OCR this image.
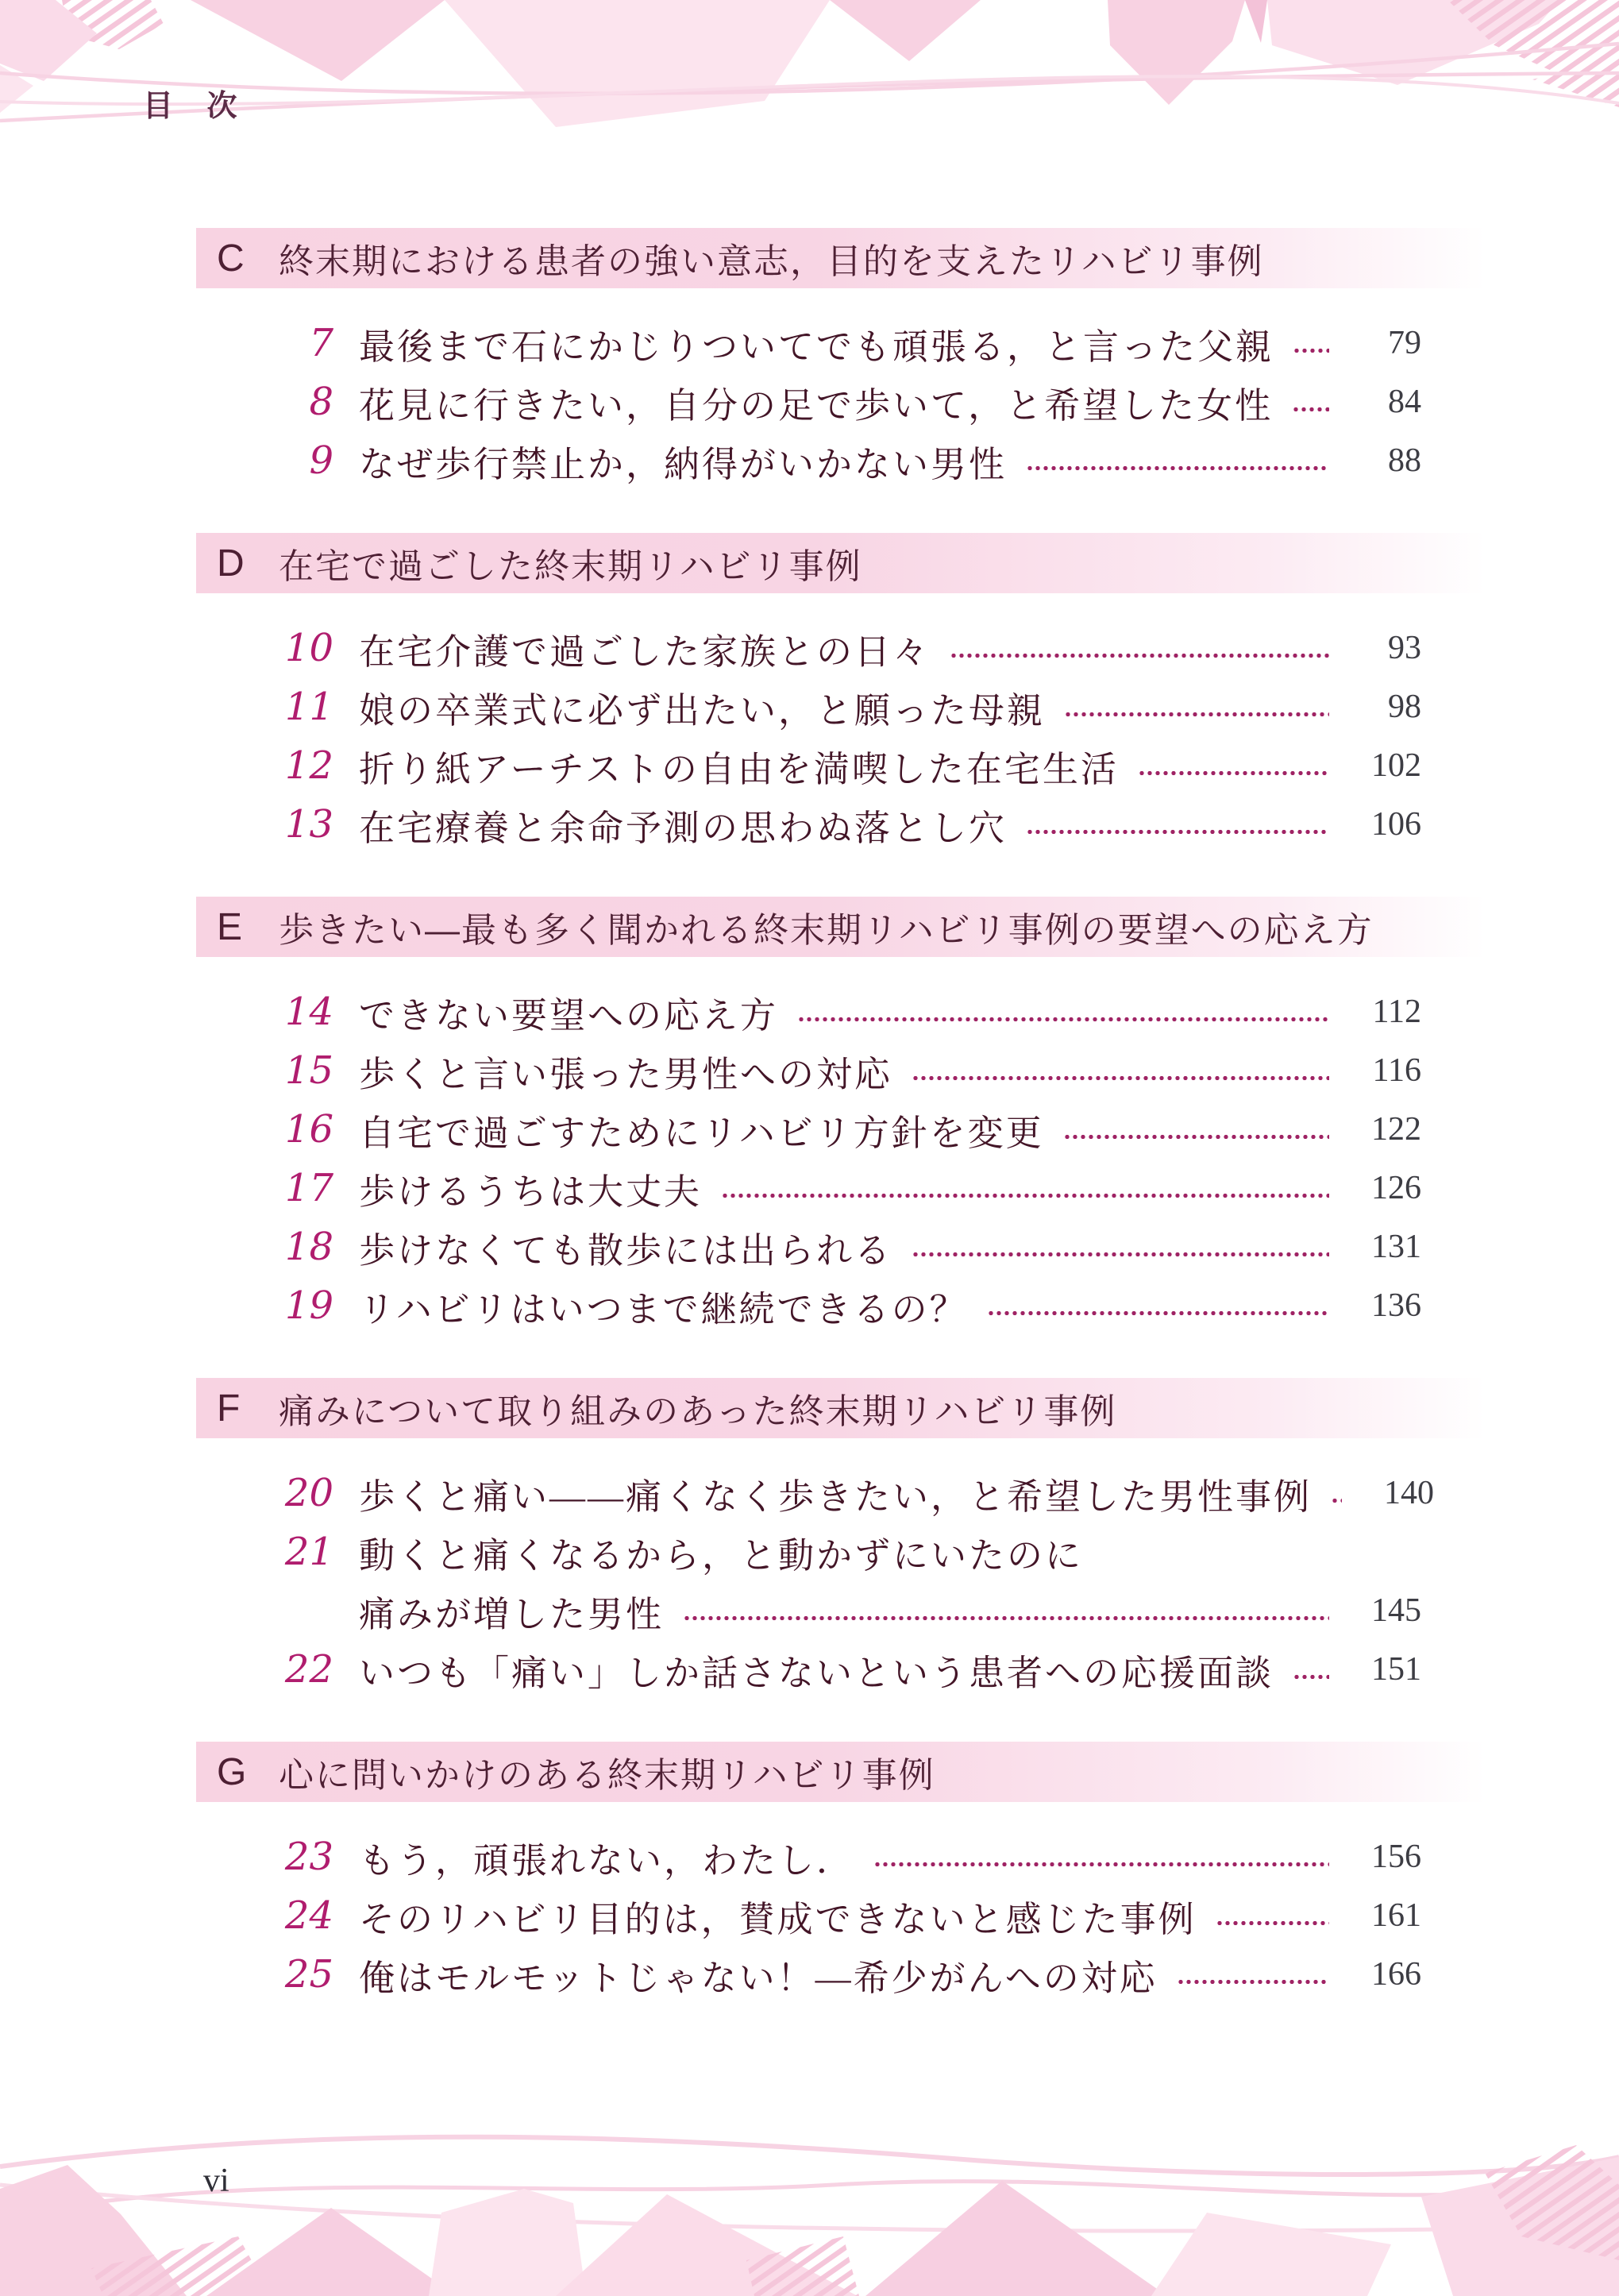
目 次
C 終末期における患者の強い意志，目的を支えたリハビリ事例
7 最後まで石にかじりついてでも頑張る，と言った父親	79
8 花見に行きたい，自分の足で歩いて，と希望した女性	84
9 なぜ歩行禁止か，納得がいかない男性	88
D 在宅で過ごした終末期リハビリ事例
10 在宅介護で過ごした家族との日々	93
11 娘の卒業式に必ず出たい，と願った母親	98
12 折り紙アーチストの自由を満喫した在宅生活	102
13 在宅療養と余命予測の思わぬ落とし穴	106
E	歩きたい―最も多く聞かれる終末期リハビリ事例の要望への応え方
14 できない要望への応え方	112
15 歩くと言い張った男性への対応	116
16 自宅で過ごすためにリハビリ方針を変更	122
17 歩けるうちは大丈夫	126
18 歩けなくても散歩には出られる	131
19 リハビリはいつまで継続できるの？	136
F	痛みについて取り組みのあった終末期リハビリ事例
20 歩くと痛い――痛くなく歩きたい，と希望した男性事例	140
21 動くと痛くなるから，と動かずにいたのに
痛みが増した男性	145
22 いつも「痛い」しか話さないという患者への応援面談	151
G 心に問いかけのある終末期リハビリ事例
23 もう，頑張れない，わたし．	156
24 そのリハビリ目的は，賛成できないと感じた事例	161
25 俺はモルモットじゃない！―希少がんへの対応	166
vi
